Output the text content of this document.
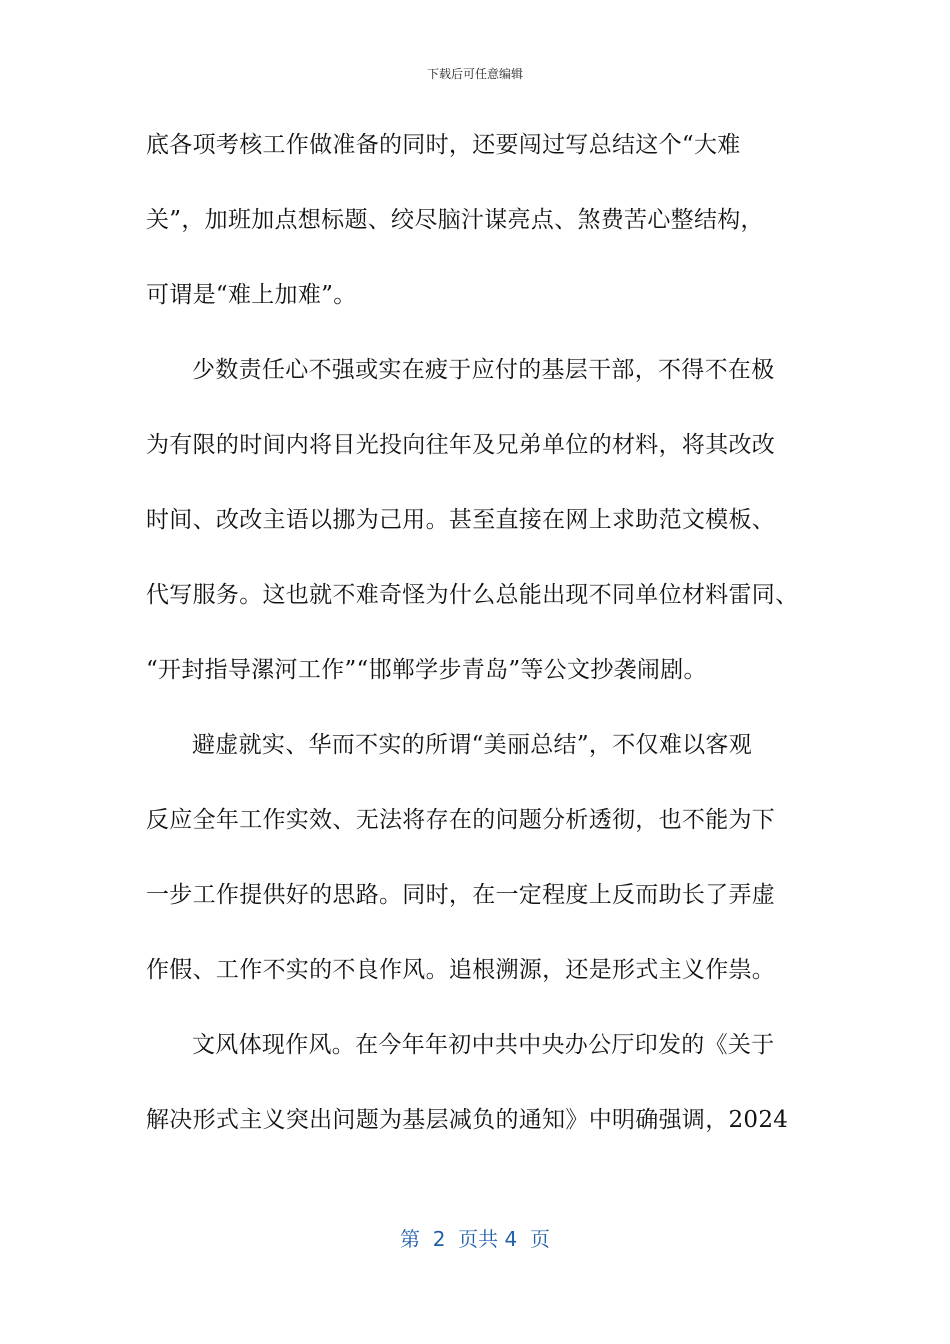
下载后可任意编辑
底各项考核工作做准备的同时，还要闯过写总结这个“大难
关”，加班加点想标题、绞尽脑汁谋亮点、煞费苦心整结构，
可谓是“难上加难”。
少数责任心不强或实在疲于应付的基层干部，不得不在极
为有限的时间内将目光投向往年及兄弟单位的材料，将其改改
时间、改改主语以挪为己用。甚至直接在网上求助范文模板、
代写服务。这也就不难奇怪为什么总能出现不同单位材料雷同、
“开封指导漯河工作”“邯郸学步青岛”等公文抄袭闹剧。
避虚就实、华而不实的所谓“美丽总结”，不仅难以客观
反应全年工作实效、无法将存在的问题分析透彻，也不能为下
一步工作提供好的思路。同时，在一定程度上反而助长了弄虚
作假、工作不实的不良作风。追根溯源，还是形式主义作祟。
文风体现作风。在今年年初中共中央办公厅印发的《关于
解决形式主义突出问题为基层减负的通知》中明确强调，2024
第  2  页共 4  页
